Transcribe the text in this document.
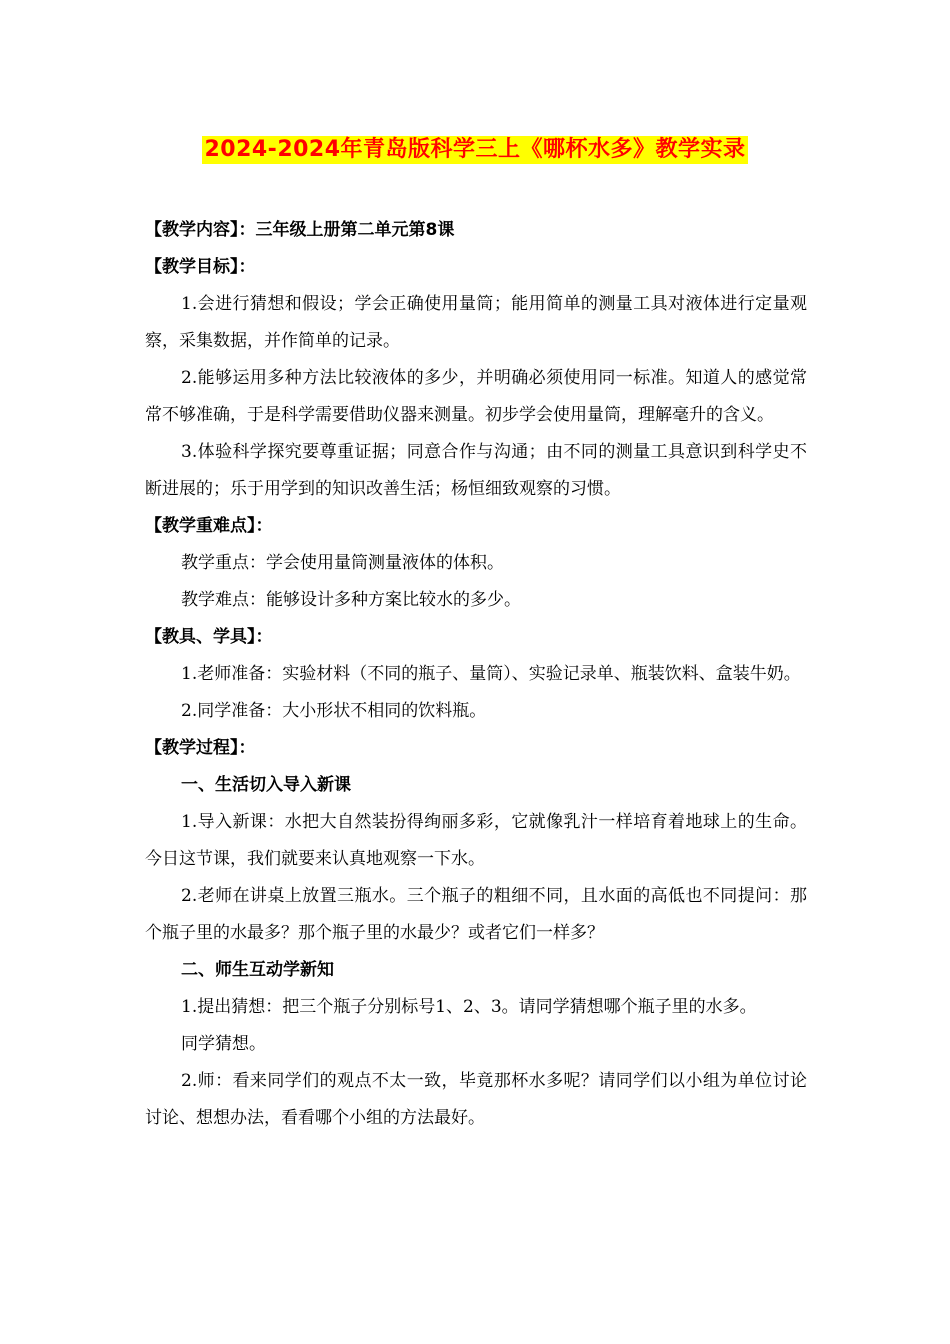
2024-2024年青岛版科学三上《哪杯水多》教学实录

【教学内容】：三年级上册第二单元第8课

【教学目标】：

1.会进行猜想和假设；学会正确使用量筒；能用简单的测量工具对液体进行定量观察，采集数据，并作简单的记录。

2.能够运用多种方法比较液体的多少，并明确必须使用同一标准。知道人的感觉常常不够准确，于是科学需要借助仪器来测量。初步学会使用量筒，理解毫升的含义。

3.体验科学探究要尊重证据；同意合作与沟通；由不同的测量工具意识到科学史不断进展的；乐于用学到的知识改善生活；杨恒细致观察的习惯。

【教学重难点】：

教学重点：学会使用量筒测量液体的体积。

教学难点：能够设计多种方案比较水的多少。

【教具、学具】：

1.老师准备：实验材料（不同的瓶子、量筒）、实验记录单、瓶装饮料、盒装牛奶。

2.同学准备：大小形状不相同的饮料瓶。

【教学过程】：

一、生活切入导入新课

1.导入新课：水把大自然装扮得绚丽多彩，它就像乳汁一样培育着地球上的生命。今日这节课，我们就要来认真地观察一下水。

2.老师在讲桌上放置三瓶水。三个瓶子的粗细不同，且水面的高低也不同提问：那个瓶子里的水最多？那个瓶子里的水最少？或者它们一样多？

二、师生互动学新知

1.提出猜想：把三个瓶子分别标号1、2、3。请同学猜想哪个瓶子里的水多。

同学猜想。

2.师：看来同学们的观点不太一致，毕竟那杯水多呢？请同学们以小组为单位讨论讨论、想想办法，看看哪个小组的方法最好。
